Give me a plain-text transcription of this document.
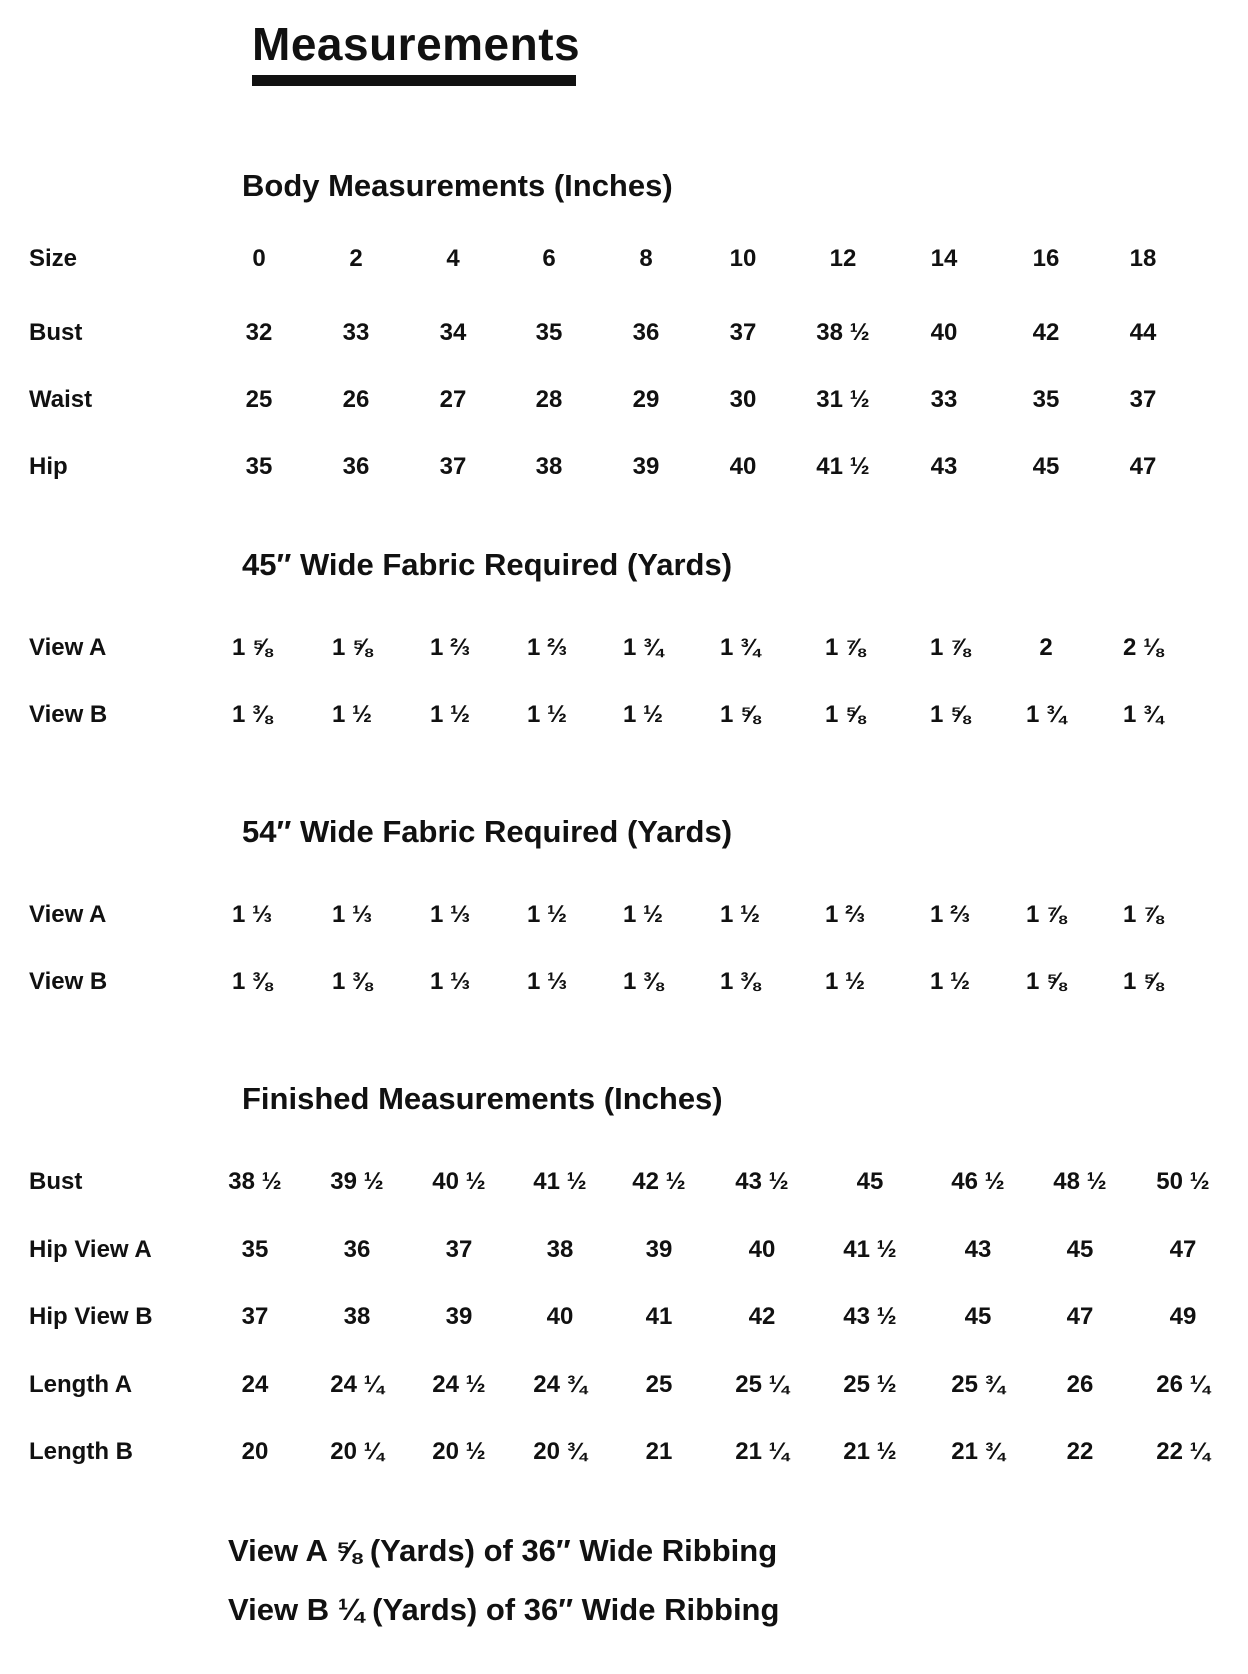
Measurements
Body Measurements (Inches)
45″ Wide Fabric Required (Yards)
54″ Wide Fabric Required (Yards)
Finished Measurements (Inches)
Size	0	2	4	6	8	10	12	14	16	18
Bust	32	33	34	35	36	37	38 ½	40	42	44
Waist	25	26	27	28	29	30	31 ½	33	35	37
Hip	35	36	37	38	39	40	41 ½	43	45	47
View A	1 ⅝	1 ⅝	1 ⅔	1 ⅔	1 ¾	1 ¾	1 ⅞	1 ⅞	2	2 ⅛
View B	1 ⅜	1 ½	1 ½	1 ½	1 ½	1 ⅝	1 ⅝	1 ⅝	1 ¾	1 ¾
View A	1 ⅓	1 ⅓	1 ⅓	1 ½	1 ½	1 ½	1 ⅔	1 ⅔	1 ⅞	1 ⅞
View B	1 ⅜	1 ⅜	1 ⅓	1 ⅓	1 ⅜	1 ⅜	1 ½	1 ½	1 ⅝	1 ⅝
Bust	38 ½	39 ½	40 ½	41 ½	42 ½	43 ½	45	46 ½	48 ½	50 ½
Hip View A	35	36	37	38	39	40	41 ½	43	45	47
Hip View B	37	38	39	40	41	42	43 ½	45	47	49
Length A	24	24 ¼	24 ½	24 ¾	25	25 ¼	25 ½	25 ¾	26	26 ¼
Length B	20	20 ¼	20 ½	20 ¾	21	21 ¼	21 ½	21 ¾	22	22 ¼
View A ⅝ (Yards) of 36″ Wide Ribbing
View B ¼ (Yards) of 36″ Wide Ribbing
